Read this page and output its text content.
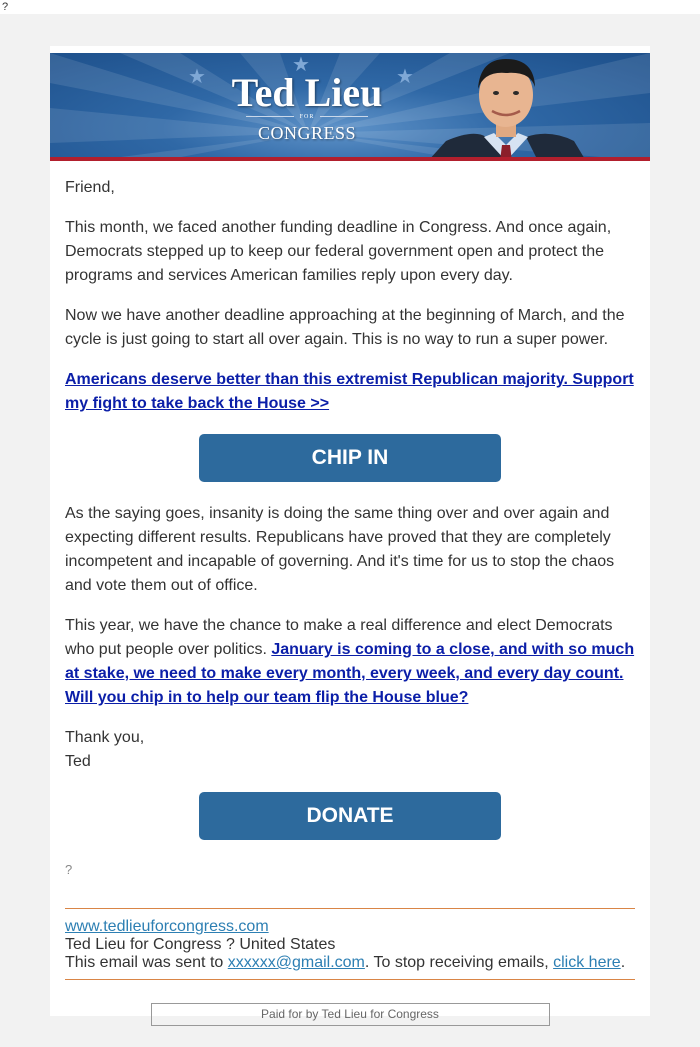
?
★
★
★
Ted Lieu
FOR
CONGRESS

Friend,

This month, we faced another funding deadline in Congress. And once again, Democrats stepped up to keep our federal government open and protect the programs and services American families reply upon every day.

Now we have another deadline approaching at the beginning of March, and the cycle is just going to start all over again. This is no way to run a super power.

Americans deserve better than this extremist Republican majority. Support my fight to take back the House >>

CHIP IN

As the saying goes, insanity is doing the same thing over and over again and expecting different results. Republicans have proved that they are completely incompetent and incapable of governing. And it's time for us to stop the chaos and vote them out of office.

This year, we have the chance to make a real difference and elect Democrats who put people over politics. January is coming to a close, and with so much at stake, we need to make every month, every week, and every day count. Will you chip in to help our team flip the House blue?

Thank you,
Ted

DONATE

?

www.tedlieuforcongress.com
Ted Lieu for Congress ? United States
This email was sent to xxxxxx@gmail.com. To stop receiving emails, click here.
Paid for by Ted Lieu for Congress
